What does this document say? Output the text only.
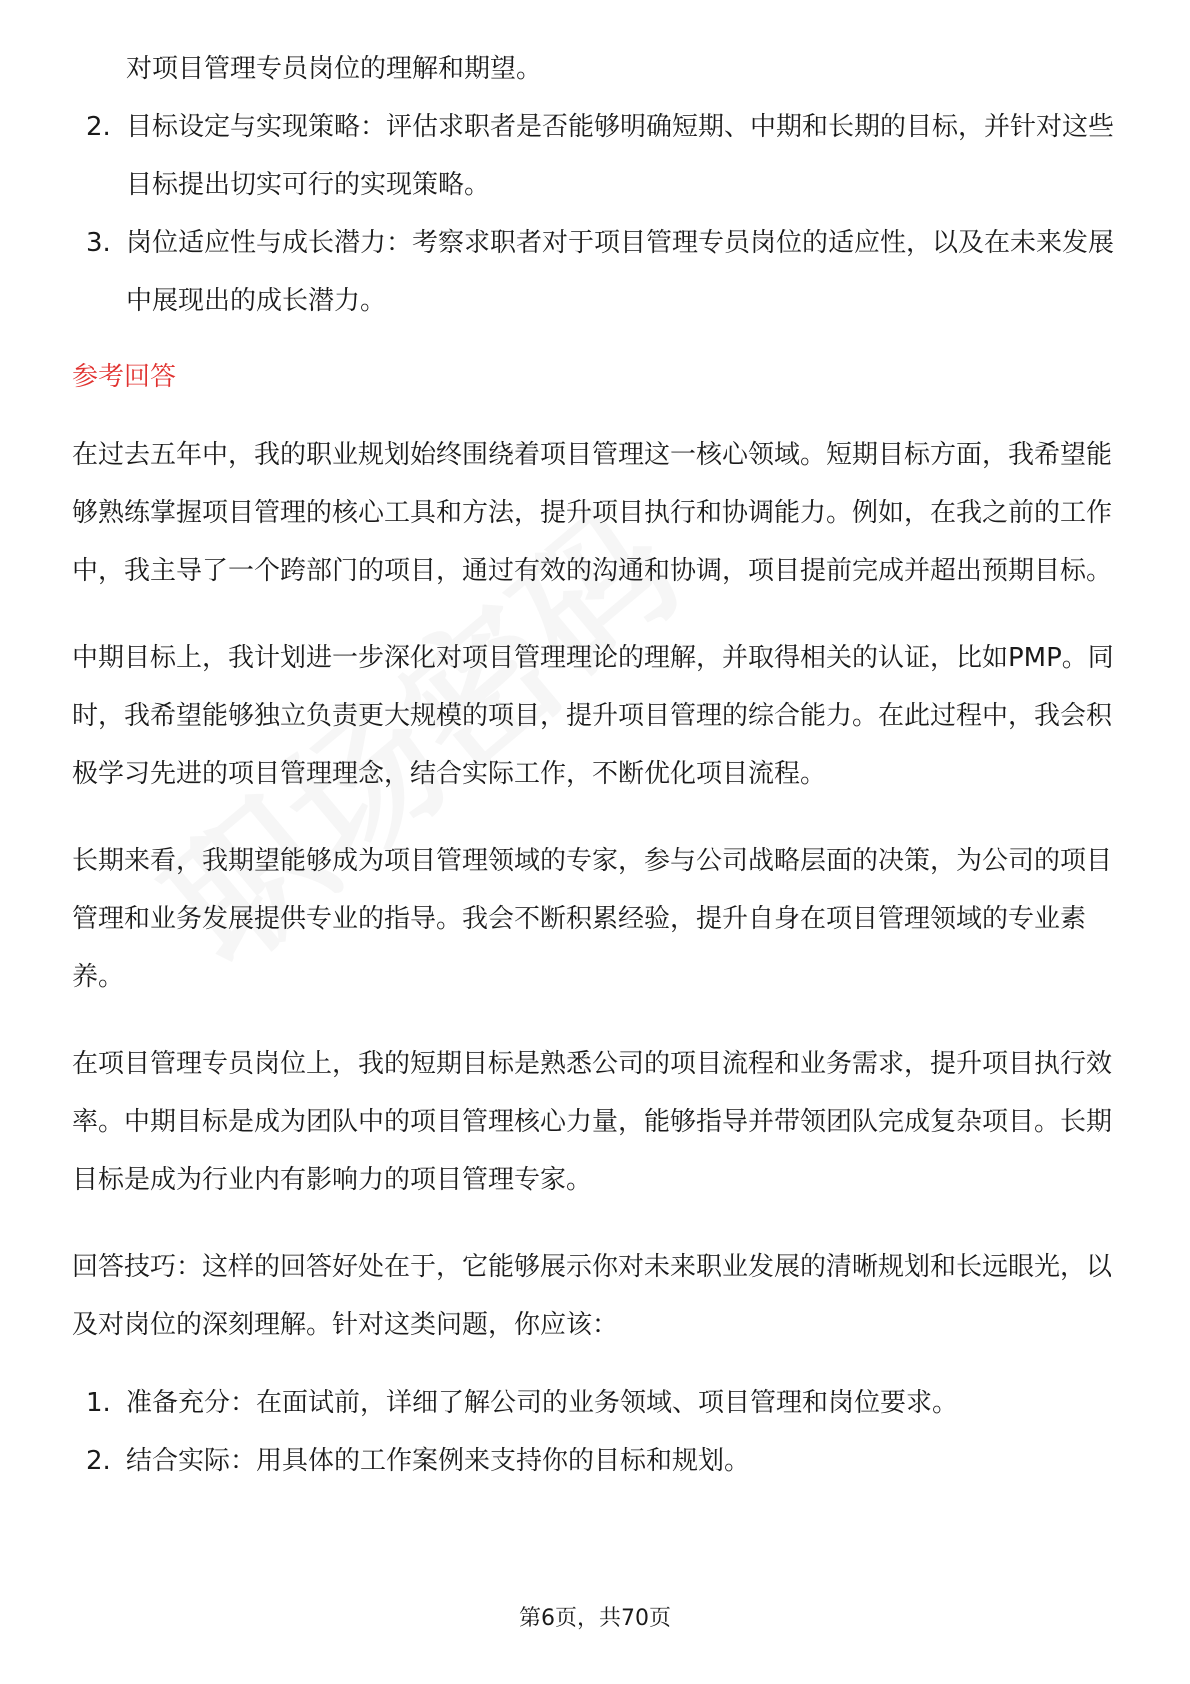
对项目管理专员岗位的理解和期望。

2. 目标设定与实现策略：评估求职者是否能够明确短期、中期和长期的目标，并针对这些目标提出切实可行的实现策略。
3. 岗位适应性与成长潜力：考察求职者对于项目管理专员岗位的适应性，以及在未来发展中展现出的成长潜力。
参考回答

在过去五年中，我的职业规划始终围绕着项目管理这一核心领域。短期目标方面，我希望能够熟练掌握项目管理的核心工具和方法，提升项目执行和协调能力。例如，在我之前的工作中，我主导了一个跨部门的项目，通过有效的沟通和协调，项目提前完成并超出预期目标。

中期目标上，我计划进一步深化对项目管理理论的理解，并取得相关的认证，比如PMP。同时，我希望能够独立负责更大规模的项目，提升项目管理的综合能力。在此过程中，我会积极学习先进的项目管理理念，结合实际工作，不断优化项目流程。

长期来看，我期望能够成为项目管理领域的专家，参与公司战略层面的决策，为公司的项目管理和业务发展提供专业的指导。我会不断积累经验，提升自身在项目管理领域的专业素养。

在项目管理专员岗位上，我的短期目标是熟悉公司的项目流程和业务需求，提升项目执行效率。中期目标是成为团队中的项目管理核心力量，能够指导并带领团队完成复杂项目。长期目标是成为行业内有影响力的项目管理专家。

回答技巧：这样的回答好处在于，它能够展示你对未来职业发展的清晰规划和长远眼光，以及对岗位的深刻理解。针对这类问题，你应该：

1. 准备充分：在面试前，详细了解公司的业务领域、项目管理和岗位要求。
2. 结合实际：用具体的工作案例来支持你的目标和规划。
第6页，共70页
